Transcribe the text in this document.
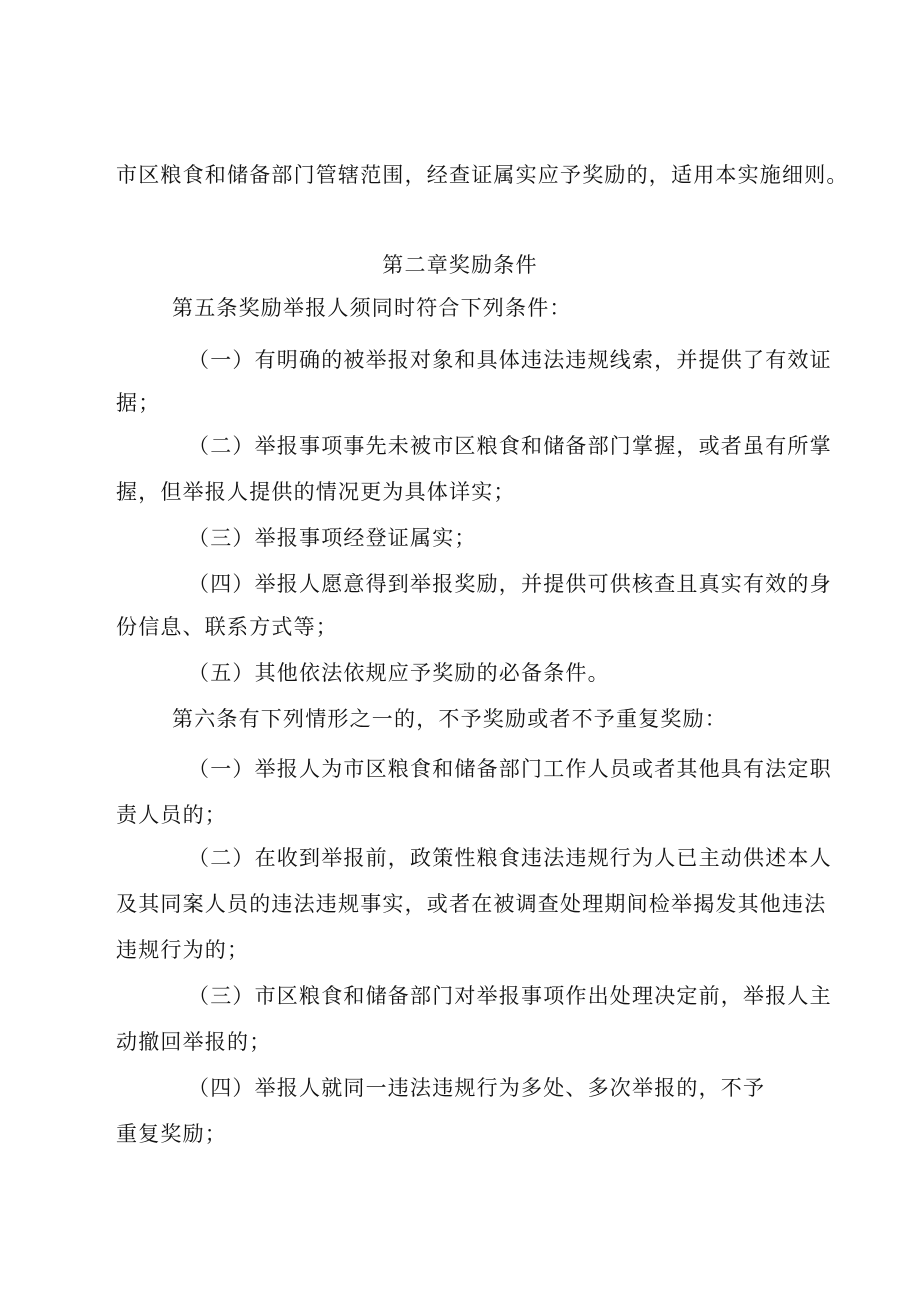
市区粮食和储备部门管辖范围，经查证属实应予奖励的，适用本实施细则。
第二章奖励条件
第五条奖励举报人须同时符合下列条件：
（一）有明确的被举报对象和具体违法违规线索，并提供了有效证
据；
（二）举报事项事先未被市区粮食和储备部门掌握，或者虽有所掌
握，但举报人提供的情况更为具体详实；
（三）举报事项经登证属实；
（四）举报人愿意得到举报奖励，并提供可供核查且真实有效的身
份信息、联系方式等；
（五）其他依法依规应予奖励的必备条件。
第六条有下列情形之一的，不予奖励或者不予重复奖励：
（一）举报人为市区粮食和储备部门工作人员或者其他具有法定职
责人员的；
（二）在收到举报前，政策性粮食违法违规行为人已主动供述本人
及其同案人员的违法违规事实，或者在被调查处理期间检举揭发其他违法
违规行为的；
（三）市区粮食和储备部门对举报事项作出处理决定前，举报人主
动撤回举报的；
（四）举报人就同一违法违规行为多处、多次举报的，不予
重复奖励；
